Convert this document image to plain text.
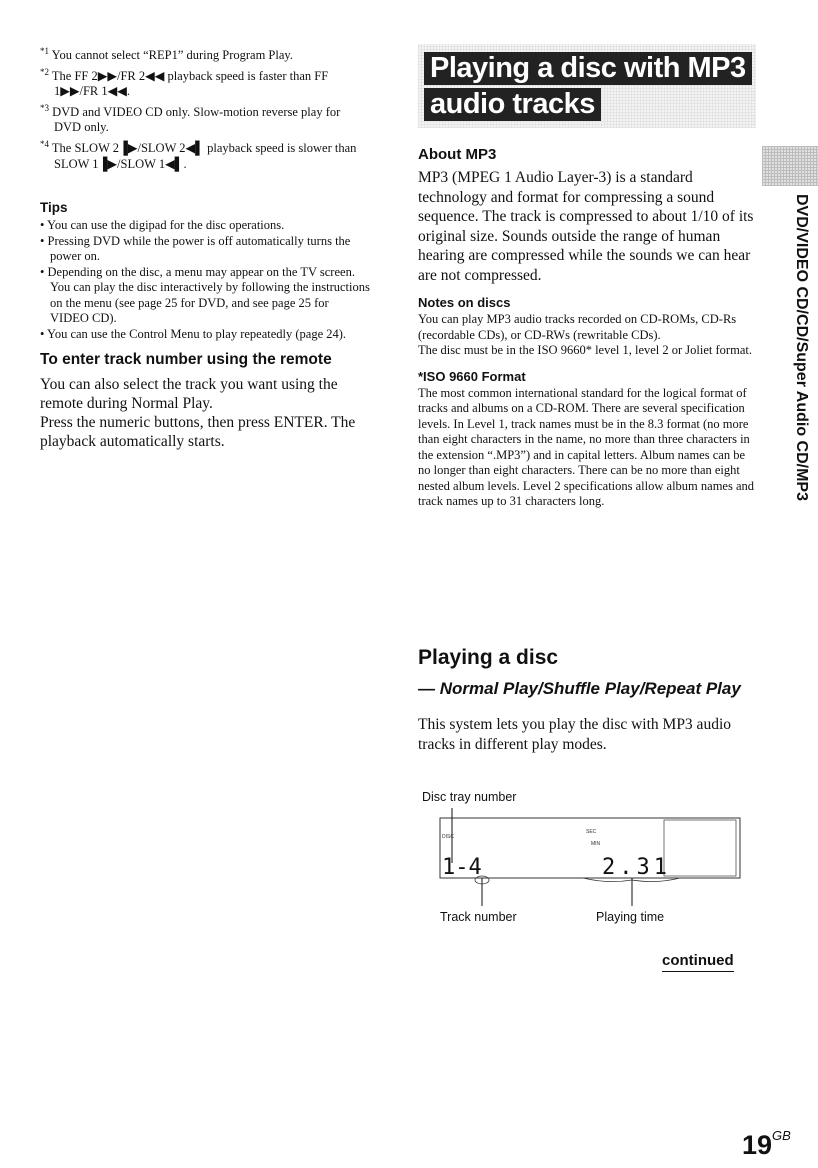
$^{*1}$ You cannot select “REP1” during Program Play.
$^{*2}$ The FF 2▶▶/FR 2◀◀ playback speed is faster than FF 1▶▶/FR 1◀◀.
$^{*3}$ DVD and VIDEO CD only. Slow-motion reverse play for DVD only.
$^{*4}$ The SLOW 2▐▶/SLOW 2◀▌ playback speed is slower than SLOW 1▐▶/SLOW 1◀▌.
Tips

• You can use the digipad for the disc operations.

• Pressing DVD while the power is off automatically turns the power on.

• Depending on the disc, a menu may appear on the TV screen. You can play the disc interactively by following the instructions on the menu (see page 25 for DVD, and see page 25 for VIDEO CD).

• You can use the Control Menu to play repeatedly (page 24).

To enter track number using the remote

You can also select the track you want using the remote during Normal Play.

Press the numeric buttons, then press ENTER. The playback automatically starts.

Playing a disc with MP3
audio tracks
About MP3

MP3 (MPEG 1 Audio Layer-3) is a standard technology and format for compressing a sound sequence. The track is compressed to about 1/10 of its original size. Sounds outside the range of human hearing are compressed while the sounds we can hear are not compressed.

Notes on discs

You can play MP3 audio tracks recorded on CD-ROMs, CD-Rs (recordable CDs), or CD-RWs (rewritable CDs).

The disc must be in the ISO 9660* level 1, level 2 or Joliet format.

*ISO 9660 Format

The most common international standard for the logical format of tracks and albums on a CD-ROM. There are several specification levels. In Level 1, track names must be in the 8.3 format (no more than eight characters in the name, no more than three characters in the extension “.MP3”) and in capital letters. Album names can be no longer than eight characters. There can be no more than eight nested album levels. Level 2 specifications allow album names and track names up to 31 characters long.

DVD/VIDEO CD/CD/Super Audio CD/MP3
Playing a disc
— Normal Play/Shuffle Play/Repeat Play

This system lets you play the disc with MP3 audio tracks in different play modes.

Disc tray number
DISC
SEC
MIN
1-4	2.31
Track number	Playing time
continued
$19^{GB}$
